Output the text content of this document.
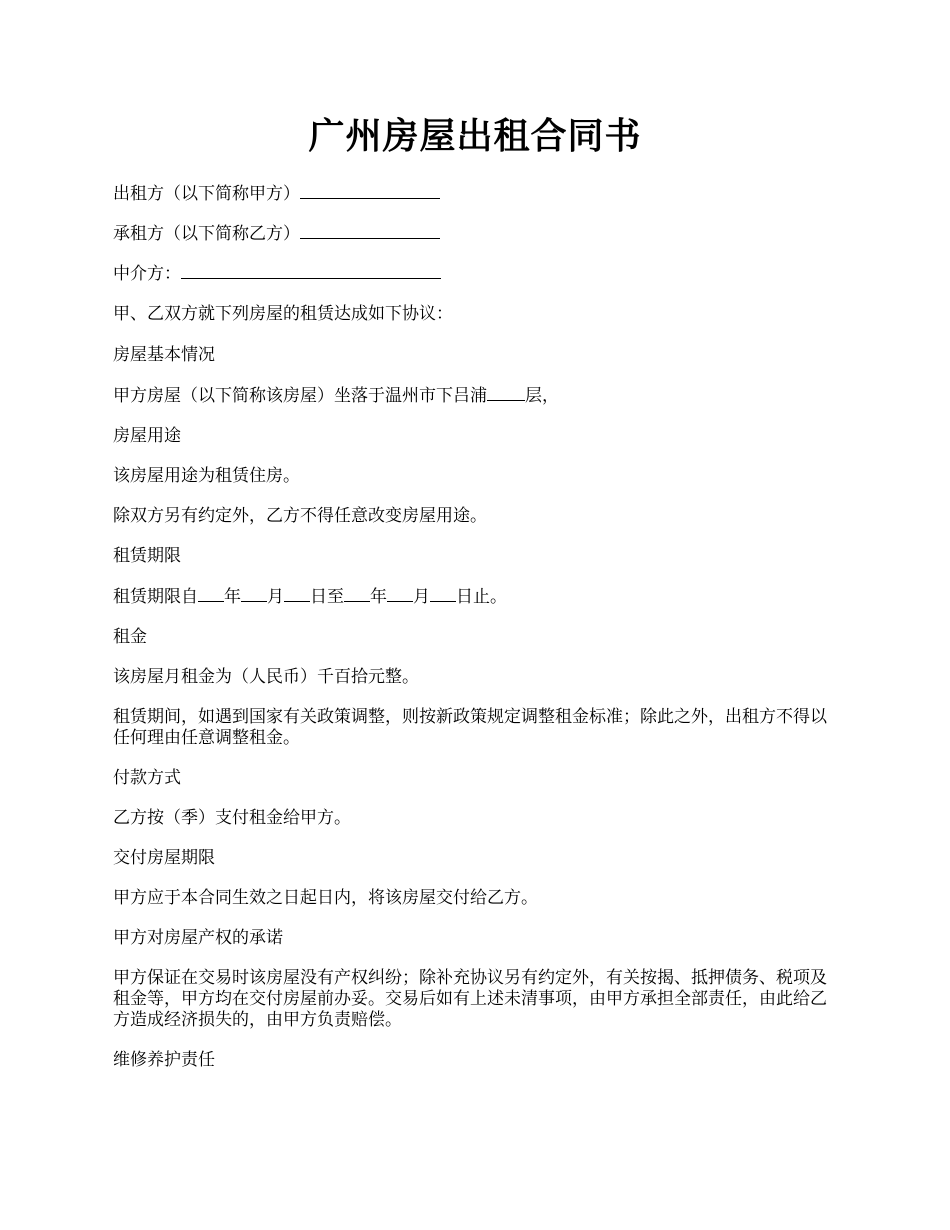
广州房屋出租合同书
出租方（以下简称甲方）
承租方（以下简称乙方）
中介方：
甲、乙双方就下列房屋的租赁达成如下协议：
房屋基本情况
甲方房屋（以下简称该房屋）坐落于温州市下吕浦 层，
房屋用途
该房屋用途为租赁住房。
除双方另有约定外，乙方不得任意改变房屋用途。
租赁期限
租赁期限自 年 月 日至 年 月 日止。
租金
该房屋月租金为（人民币）千百拾元整。
租赁期间，如遇到国家有关政策调整，则按新政策规定调整租金标准；除此之外，出租方不得以任何理由任意调整租金。
付款方式
乙方按（季）支付租金给甲方。
交付房屋期限
甲方应于本合同生效之日起日内，将该房屋交付给乙方。
甲方对房屋产权的承诺
甲方保证在交易时该房屋没有产权纠纷；除补充协议另有约定外，有关按揭、抵押债务、税项及租金等，甲方均在交付房屋前办妥。交易后如有上述未清事项，由甲方承担全部责任，由此给乙方造成经济损失的，由甲方负责赔偿。
维修养护责任
